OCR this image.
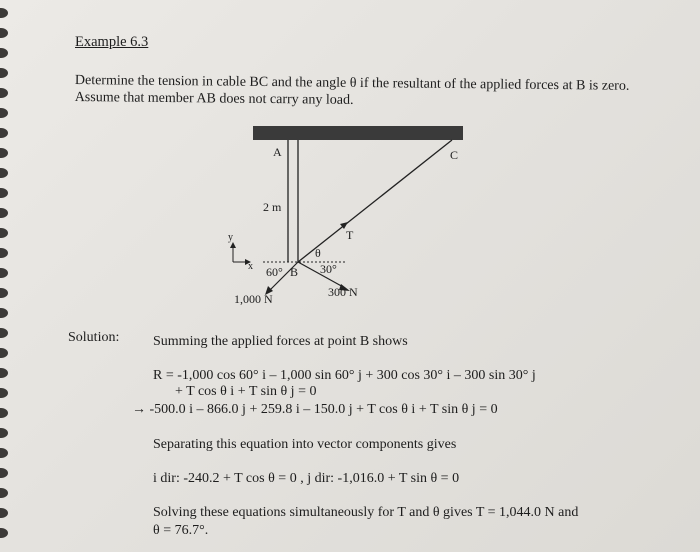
Example 6.3
Determine the tension in cable BC and the angle θ if the resultant of the applied forces at B is zero.
Assume that member AB does not carry any load.
A	C
2 m
T
θ
y
x 60° B 30°
300 N
1,000 N
Solution: Summing the applied forces at point B shows
R = -1,000 cos 60° i – 1,000 sin 60° j + 300 cos 30° i – 300 sin 30° j
+ T cos θ i + T sin θ j = 0
→ -500.0 i – 866.0 j + 259.8 i – 150.0 j + T cos θ i + T sin θ j = 0
Separating this equation into vector components gives
i dir: -240.2 + T cos θ = 0 , j dir: -1,016.0 + T sin θ = 0
Solving these equations simultaneously for T and θ gives T = 1,044.0 N and
θ = 76.7°.
